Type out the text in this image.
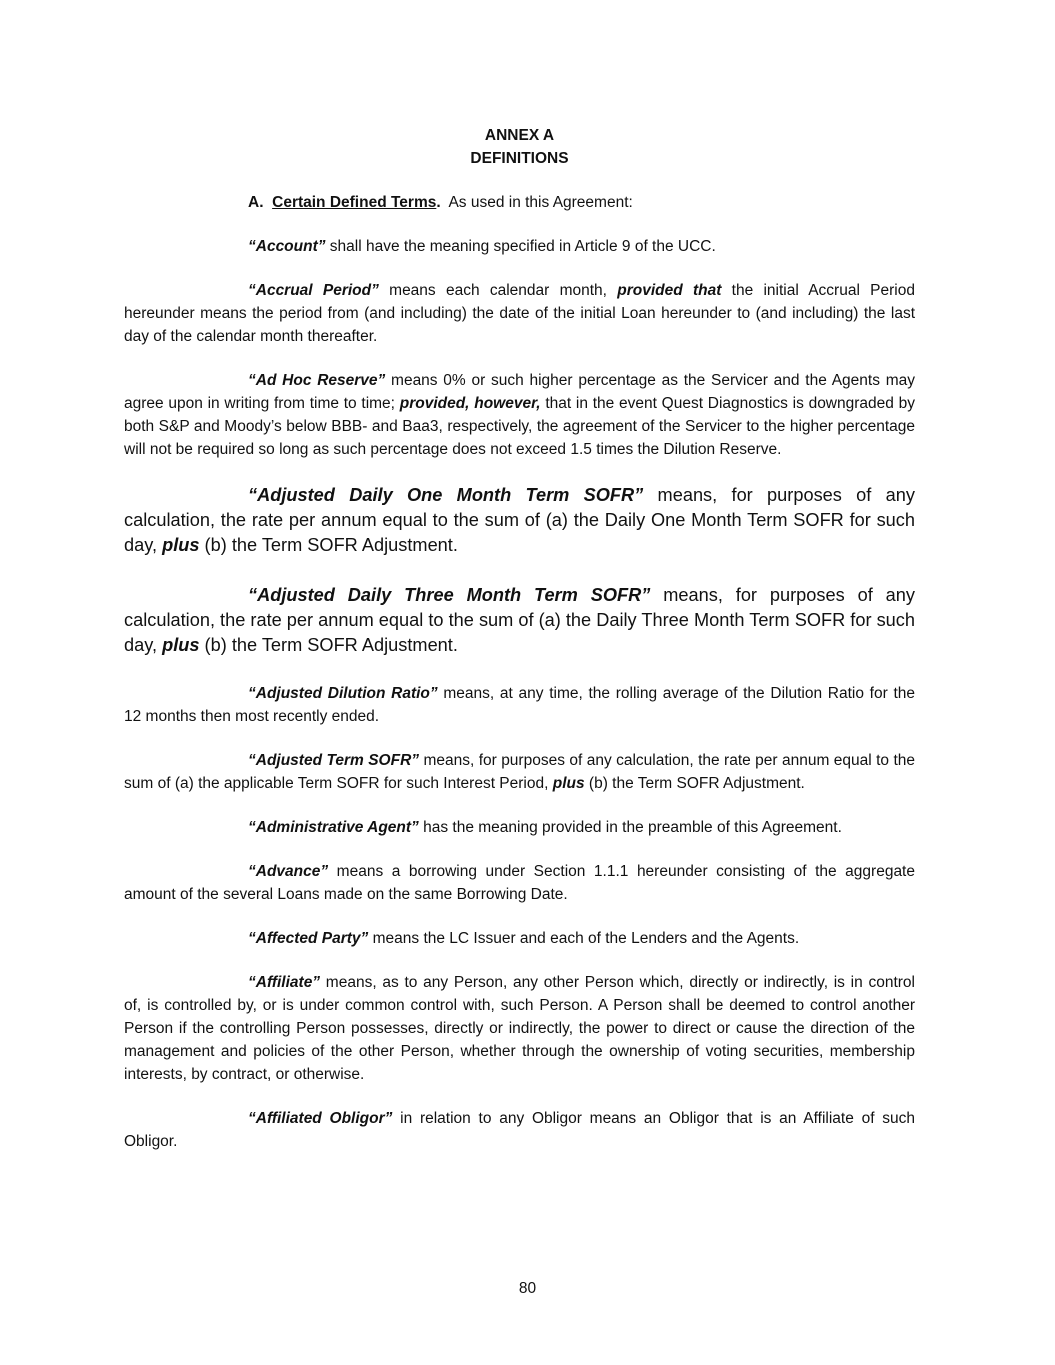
ANNEX A
DEFINITIONS

A. Certain Defined Terms. As used in this Agreement:

“Account” shall have the meaning specified in Article 9 of the UCC.

“Accrual Period” means each calendar month, provided that the initial Accrual Period hereunder means the period from (and including) the date of the initial Loan hereunder to (and including) the last day of the calendar month thereafter.

“Ad Hoc Reserve” means 0% or such higher percentage as the Servicer and the Agents may agree upon in writing from time to time; provided, however, that in the event Quest Diagnostics is downgraded by both S&P and Moody’s below BBB- and Baa3, respectively, the agreement of the Servicer to the higher percentage will not be required so long as such percentage does not exceed 1.5 times the Dilution Reserve.

“Adjusted Daily One Month Term SOFR” means, for purposes of any calculation, the rate per annum equal to the sum of (a) the Daily One Month Term SOFR for such day, plus (b) the Term SOFR Adjustment.

“Adjusted Daily Three Month Term SOFR” means, for purposes of any calculation, the rate per annum equal to the sum of (a) the Daily Three Month Term SOFR for such day, plus (b) the Term SOFR Adjustment.

“Adjusted Dilution Ratio” means, at any time, the rolling average of the Dilution Ratio for the 12 months then most recently ended.

“Adjusted Term SOFR” means, for purposes of any calculation, the rate per annum equal to the sum of (a) the applicable Term SOFR for such Interest Period, plus (b) the Term SOFR Adjustment.

“Administrative Agent” has the meaning provided in the preamble of this Agreement.

“Advance” means a borrowing under Section 1.1.1 hereunder consisting of the aggregate amount of the several Loans made on the same Borrowing Date.

“Affected Party” means the LC Issuer and each of the Lenders and the Agents.

“Affiliate” means, as to any Person, any other Person which, directly or indirectly, is in control of, is controlled by, or is under common control with, such Person. A Person shall be deemed to control another Person if the controlling Person possesses, directly or indirectly, the power to direct or cause the direction of the management and policies of the other Person, whether through the ownership of voting securities, membership interests, by contract, or otherwise.

“Affiliated Obligor” in relation to any Obligor means an Obligor that is an Affiliate of such Obligor.

80
